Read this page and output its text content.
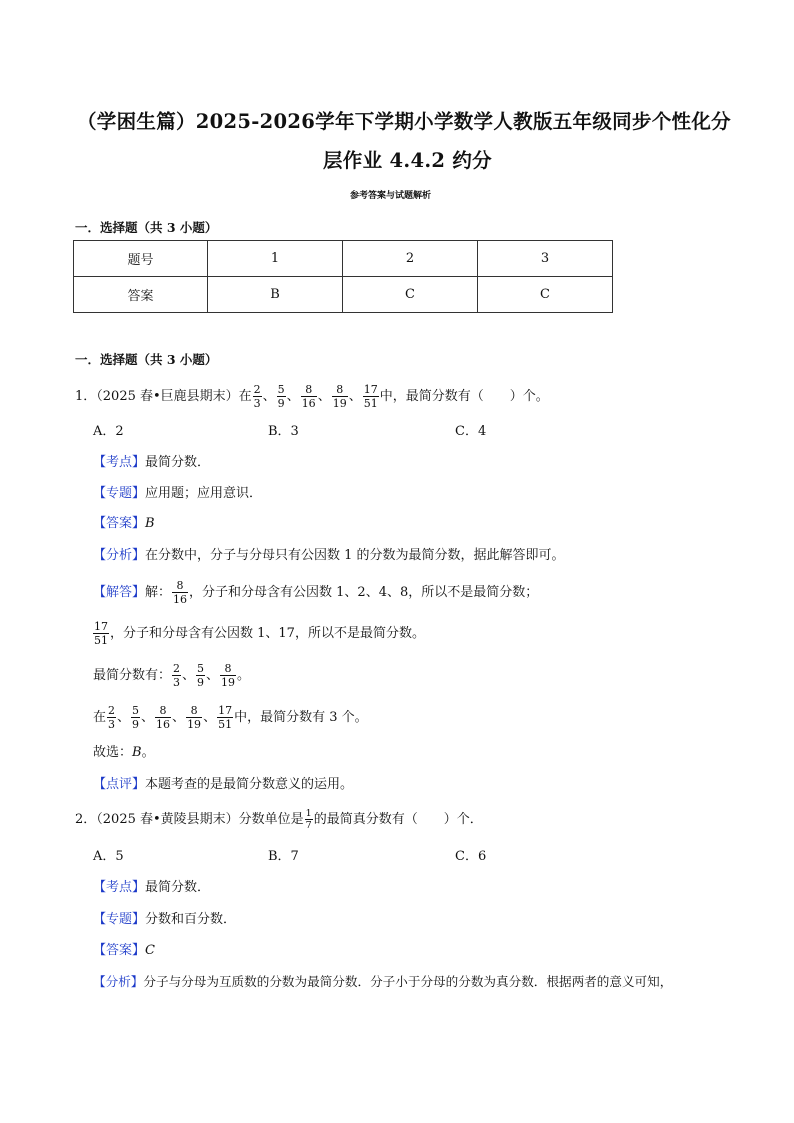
（学困生篇）2025-2026学年下学期小学数学人教版五年级同步个性化分
层作业 4.4.2 约分
参考答案与试题解析
一．选择题（共 3 小题）
题号	1	2	3
答案	B	C	C
一．选择题（共 3 小题）
1．（2025 春•巨鹿县期末）在 $\frac{2}{3}$ 、 $\frac{5}{9}$ 、 $\frac{8}{16}$ 、 $\frac{8}{19}$ 、 $\frac{17}{51}$ 中，最简分数有（　　）个。
A．2	B．3	C．4
【考点】最简分数．
【专题】应用题；应用意识．
【答案】B
【分析】在分数中，分子与分母只有公因数 1 的分数为最简分数，据此解答即可。
【解答】解： $\frac{8}{16}$ ，分子和分母含有公因数 1、2、4、8，所以不是最简分数；
$\frac{17}{51}$ ，分子和分母含有公因数 1、17，所以不是最简分数。
最简分数有： $\frac{2}{3}$ 、 $\frac{5}{9}$ 、 $\frac{8}{19}$ 。
在 $\frac{2}{3}$ 、 $\frac{5}{9}$ 、 $\frac{8}{16}$ 、 $\frac{8}{19}$ 、 $\frac{17}{51}$ 中，最简分数有 3 个。
故选：B。
【点评】本题考查的是最简分数意义的运用。
2．（2025 春•黄陵县期末）分数单位是 $\frac{1}{7}$ 的最简真分数有（　　）个．
A．5	B．7	C．6
【考点】最简分数．
【专题】分数和百分数．
【答案】C
【分析】分子与分母为互质数的分数为最简分数．分子小于分母的分数为真分数．根据两者的意义可知，
